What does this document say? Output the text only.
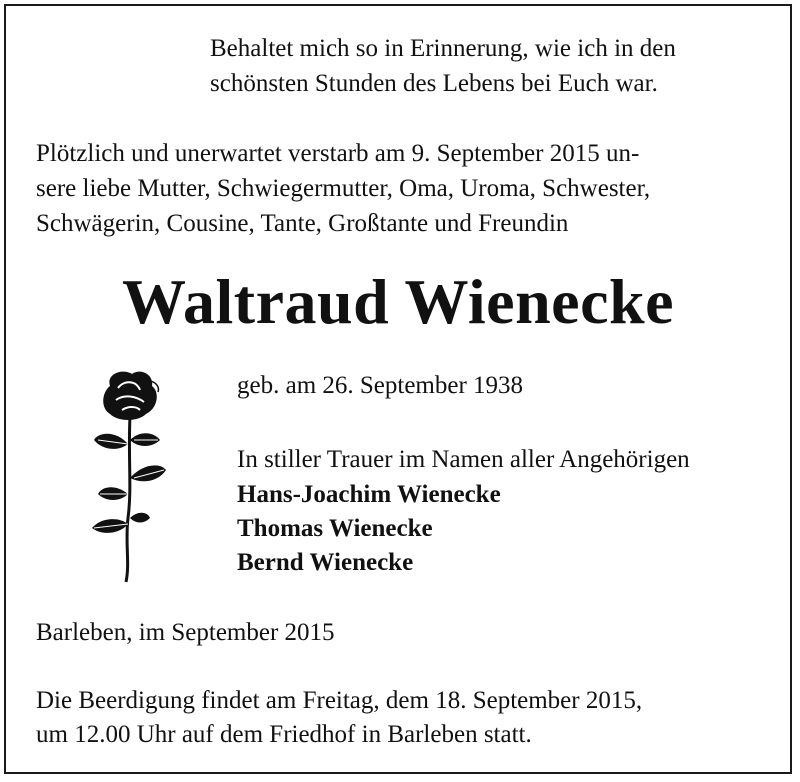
Behaltet mich so in Erinnerung, wie ich in den
schönsten Stunden des Lebens bei Euch war.
Plötzlich und unerwartet verstarb am 9. September 2015 un-
sere liebe Mutter, Schwiegermutter, Oma, Uroma, Schwester,
Schwägerin, Cousine, Tante, Großtante und Freundin
Waltraud Wienecke
geb. am 26. September 1938
In stiller Trauer im Namen aller Angehörigen
Hans-Joachim Wienecke
Thomas Wienecke
Bernd Wienecke
Barleben, im September 2015
Die Beerdigung findet am Freitag, dem 18. September 2015,
um 12.00 Uhr auf dem Friedhof in Barleben statt.
